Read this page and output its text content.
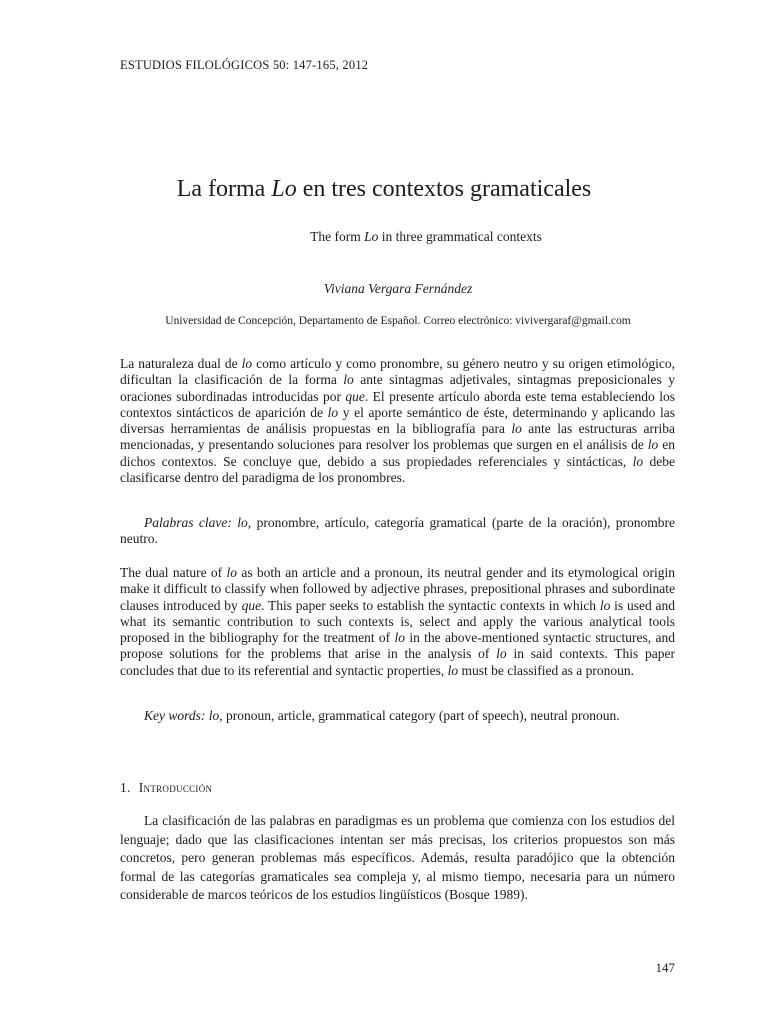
ESTUDIOS FILOLÓGICOS 50: 147-165, 2012
La forma Lo en tres contextos gramaticales
The form Lo in three grammatical contexts
Viviana Vergara Fernández
Universidad de Concepción, Departamento de Español. Correo electrónico: vivivergaraf@gmail.com

La naturaleza dual de lo como artículo y como pronombre, su género neutro y su origen etimológico, dificultan la clasificación de la forma lo ante sintagmas adjetivales, sintagmas preposicionales y oraciones subordinadas introducidas por que. El presente artículo aborda este tema estableciendo los contextos sintácticos de aparición de lo y el aporte semántico de éste, determinando y aplicando las diversas herramientas de análisis propuestas en la bibliografía para lo ante las estructuras arriba mencionadas, y presentando soluciones para resolver los problemas que surgen en el análisis de lo en dichos contextos. Se concluye que, debido a sus propiedades referenciales y sintácticas, lo debe clasificarse dentro del paradigma de los pronombres.

Palabras clave: lo, pronombre, artículo, categoría gramatical (parte de la oración), pronombre neutro.

The dual nature of lo as both an article and a pronoun, its neutral gender and its etymological origin make it difficult to classify when followed by adjective phrases, prepositional phrases and subordinate clauses introduced by que. This paper seeks to establish the syntactic contexts in which lo is used and what its semantic contribution to such contexts is, select and apply the various analytical tools proposed in the bibliography for the treatment of lo in the above-mentioned syntactic structures, and propose solutions for the problems that arise in the analysis of lo in said contexts. This paper concludes that due to its referential and syntactic properties, lo must be classified as a pronoun.

Key words: lo, pronoun, article, grammatical category (part of speech), neutral pronoun.

1. Introducción

La clasificación de las palabras en paradigmas es un problema que comienza con los estudios del lenguaje; dado que las clasificaciones intentan ser más precisas, los criterios propuestos son más concretos, pero generan problemas más específicos. Además, resulta paradójico que la obtención formal de las categorías gramaticales sea compleja y, al mismo tiempo, necesaria para un número considerable de marcos teóricos de los estudios lingüísticos (Bosque 1989).

147
